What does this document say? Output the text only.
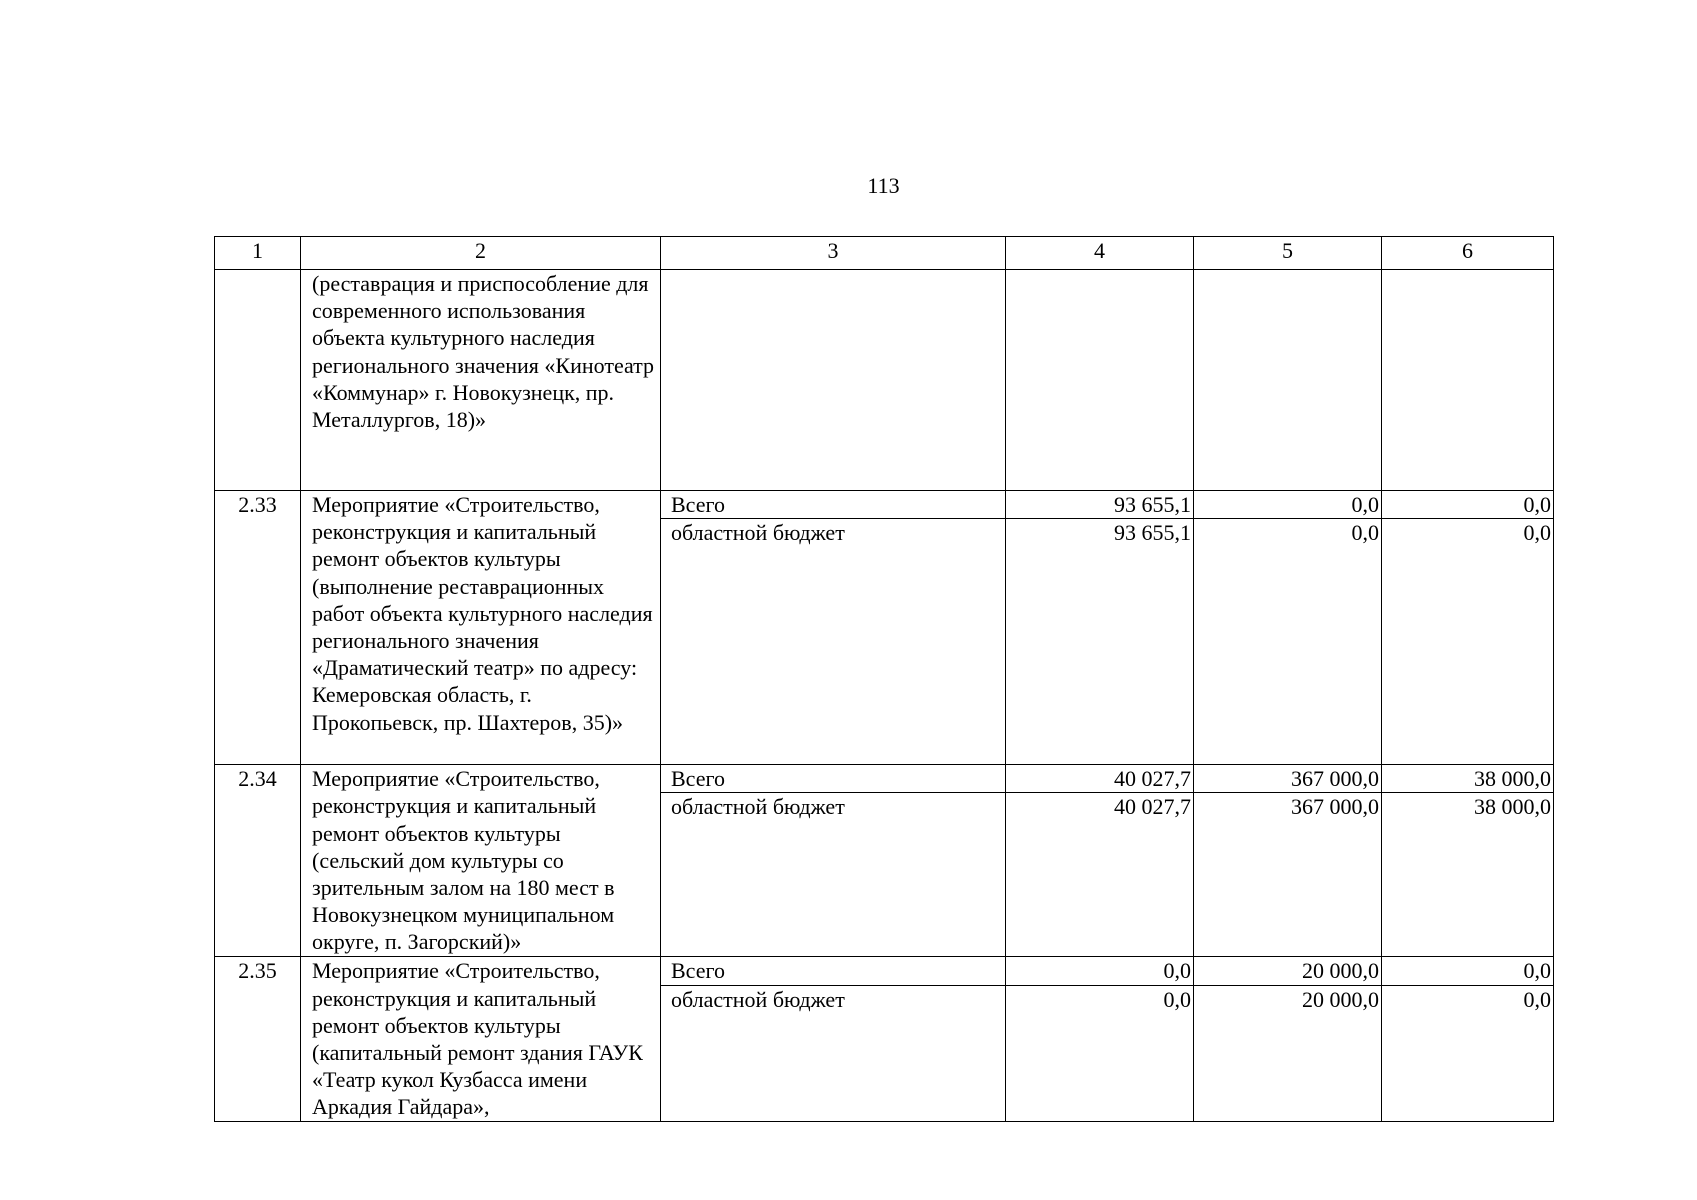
113
1	2	3	4	5	6
	(реставрация и приспособление для современного использования объекта культурного наследия регионального значения «Кинотеатр «Коммунар» г. Новокузнецк, пр. Металлургов, 18)»				
2.33	Мероприятие «Строительство, реконструкция и капитальный ремонт объектов культуры (выполнение реставрационных работ объекта культурного наследия регионального значения «Драматический театр» по адресу: Кемеровская область, г. Прокопьевск, пр. Шахтеров, 35)»	Всего	93 655,1	0,0	0,0
		областной бюджет	93 655,1	0,0	0,0
2.34	Мероприятие «Строительство, реконструкция и капитальный ремонт объектов культуры (сельский дом культуры со зрительным залом на 180 мест в Новокузнецком муниципальном округе, п. Загорский)»	Всего	40 027,7	367 000,0	38 000,0
		областной бюджет	40 027,7	367 000,0	38 000,0
2.35	Мероприятие «Строительство, реконструкция и капитальный ремонт объектов культуры (капитальный ремонт здания ГАУК «Театр кукол Кузбасса имени Аркадия Гайдара»,	Всего	0,0	20 000,0	0,0
		областной бюджет	0,0	20 000,0	0,0
